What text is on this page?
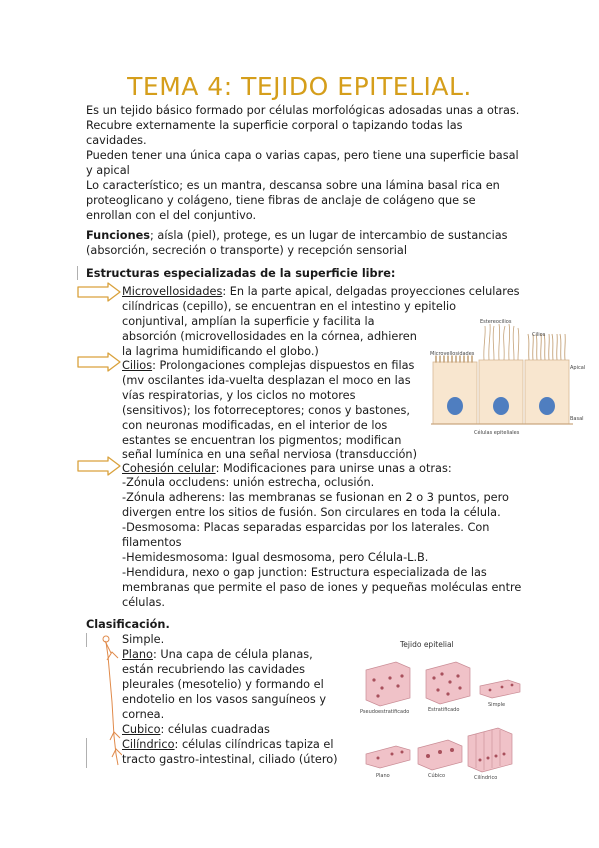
TEMA 4: TEJIDO EPITELIAL.
Es un tejido básico formado por células morfológicas adosadas unas a otras.
Recubre externamente la superficie corporal o tapizando todas las
cavidades.
Pueden tener una única capa o varias capas, pero tiene una superficie basal
y apical
Lo característico; es un mantra, descansa sobre una lámina basal rica en
proteoglicano y colágeno, tiene fibras de anclaje de colágeno que se
enrollan con el del conjuntivo.
Funciones; aísla (piel), protege, es un lugar de intercambio de sustancias
(absorción, secreción o transporte) y recepción sensorial
Estructuras especializadas de la superficie libre:
Microvellosidades: En la parte apical, delgadas proyecciones celulares
cilíndricas (cepillo), se encuentran en el intestino y epitelio
conjuntival, amplían la superficie y facilita la
absorción (microvellosidades en la córnea, adhieren
la lagrima humidificando el globo.)
Cilios: Prolongaciones complejas dispuestos en filas
(mv oscilantes ida-vuelta desplazan el moco en las
vías respiratorias, y los ciclos no motores
(sensitivos); los fotorreceptores; conos y bastones,
con neuronas modificadas, en el interior de los
estantes se encuentran los pigmentos; modifican
señal lumínica en una señal nerviosa (transducción)
Cohesión celular: Modificaciones para unirse unas a otras:
-Zónula occludens: unión estrecha, oclusión.
-Zónula adherens: las membranas se fusionan en 2 o 3 puntos, pero
divergen entre los sitios de fusión. Son circulares en toda la célula.
-Desmosoma: Placas separadas esparcidas por los laterales. Con
filamentos
-Hemidesmosoma: Igual desmosoma, pero Célula-L.B.
-Hendidura, nexo o gap junction: Estructura especializada de las
membranas que permite el paso de iones y pequeñas moléculas entre
células.
Microvellosidades
Estereocilios
Cilios
Apical
Basal
Células epiteliales
Clasificación.
Simple.
Plano: Una capa de célula planas,
están recubriendo las cavidades
pleurales (mesotelio) y formando el
endotelio en los vasos sanguíneos y
cornea.
Cubico: células cuadradas
Cilíndrico: células cilíndricas tapiza el
tracto gastro-intestinal, ciliado (útero)
Tejido epitelial
Pseudoestratificado	Estratificado
Simple
Plano	Cúbico	Cilíndrico
